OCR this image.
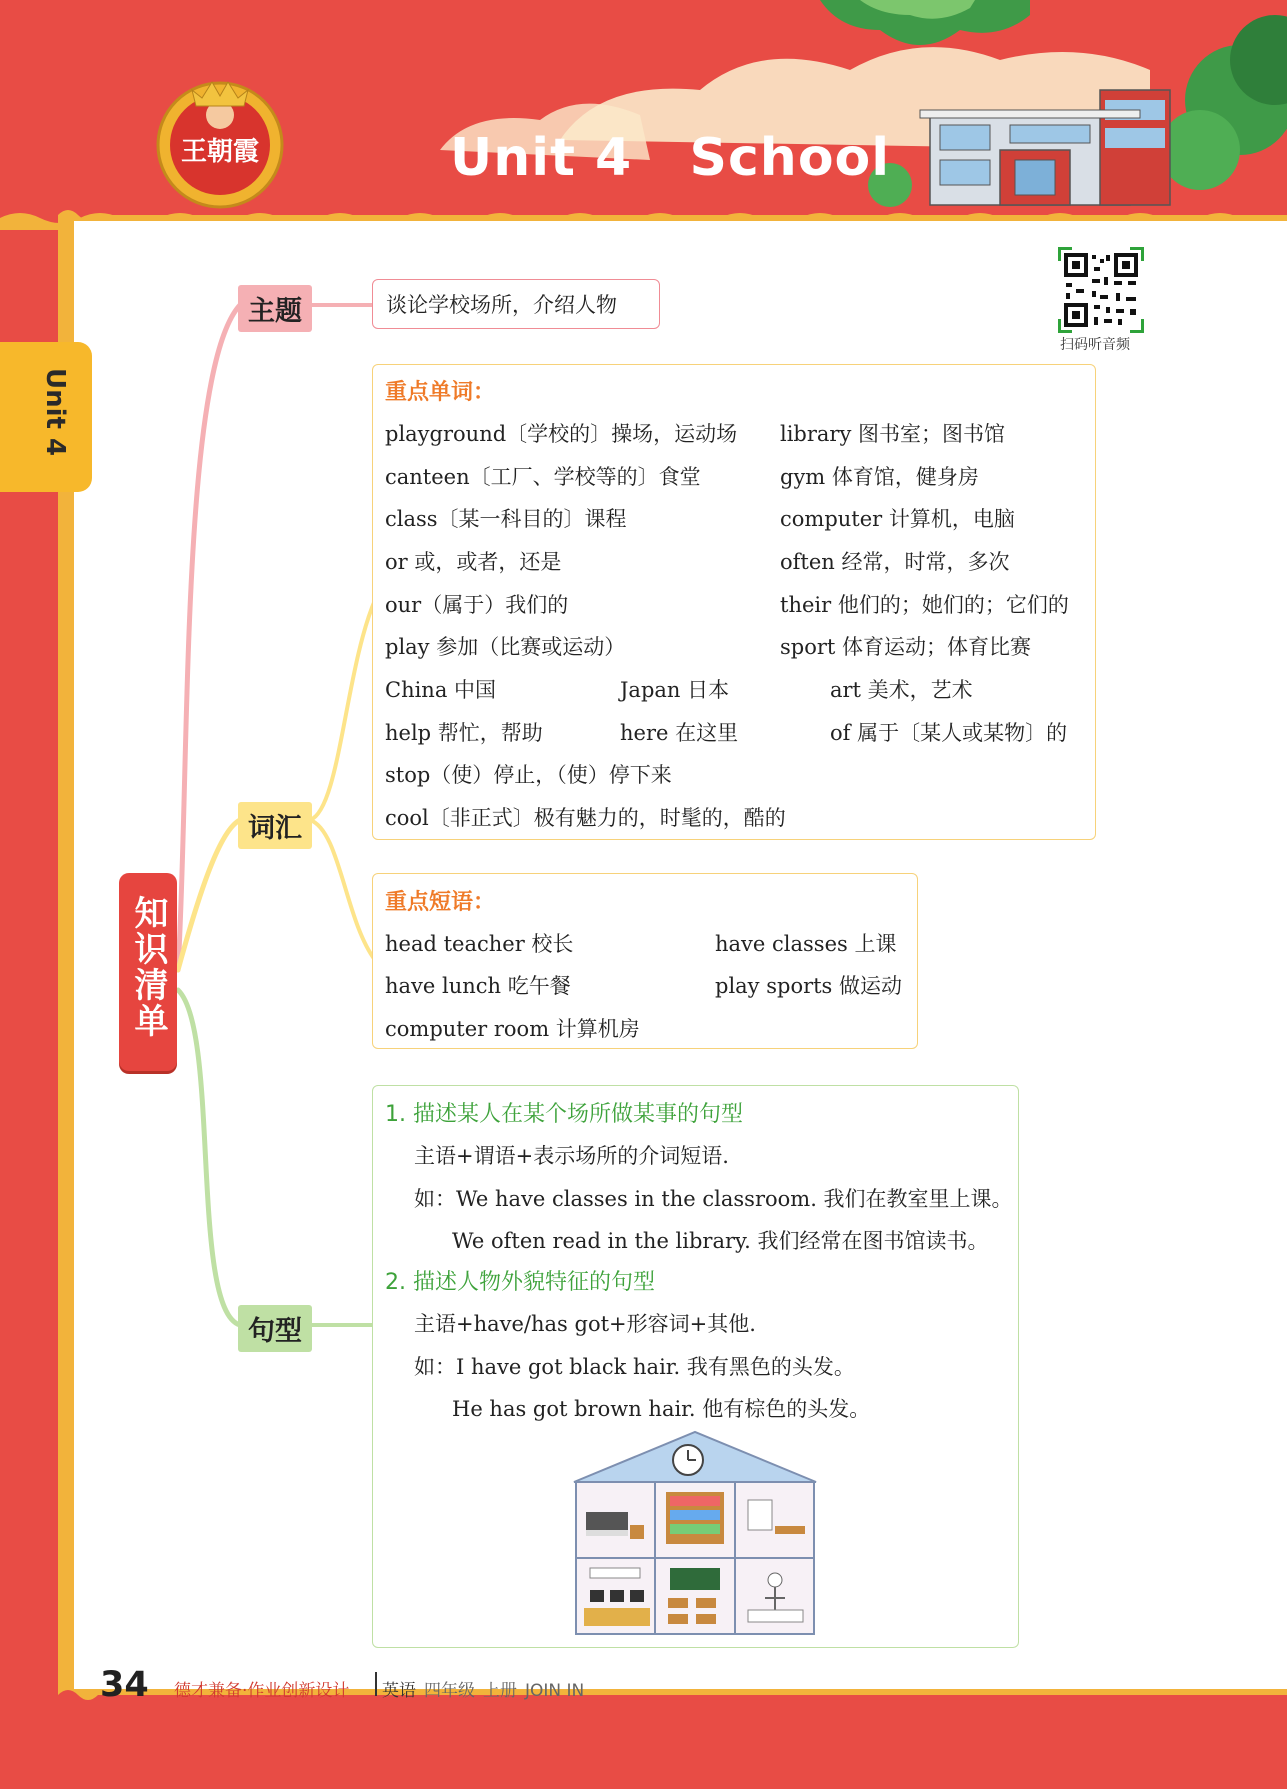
王朝霞	Unit 4   School
Unit 4
扫码听音频
知识清单
主题
词汇
句型
谈论学校场所，介绍人物
重点单词：
playground〔学校的〕操场，运动场 library 图书室；图书馆
canteen〔工厂、学校等的〕食堂	gym 体育馆，健身房
class〔某一科目的〕课程	computer 计算机，电脑
or 或，或者，还是	often 经常，时常，多次
our（属于）我们的	their 他们的；她们的；它们的
play 参加（比赛或运动）	sport 体育运动；体育比赛
China 中国	Japan 日本	art 美术，艺术
help 帮忙，帮助	here 在这里	of 属于〔某人或某物〕的
stop（使）停止，（使）停下来
cool〔非正式〕极有魅力的，时髦的，酷的
重点短语：
head teacher 校长	have classes 上课
have lunch 吃午餐	play sports 做运动
computer room 计算机房
1. 描述某人在某个场所做某事的句型
主语+谓语+表示场所的介词短语.
如：We have classes in the classroom. 我们在教室里上课。
We often read in the library. 我们经常在图书馆读书。
2. 描述人物外貌特征的句型
主语+have/has got+形容词+其他.
如：I have got black hair. 我有黑色的头发。
He has got brown hair. 他有棕色的头发。
34 德才兼备·作业创新设计 英语 四年级 上册 JOIN IN
